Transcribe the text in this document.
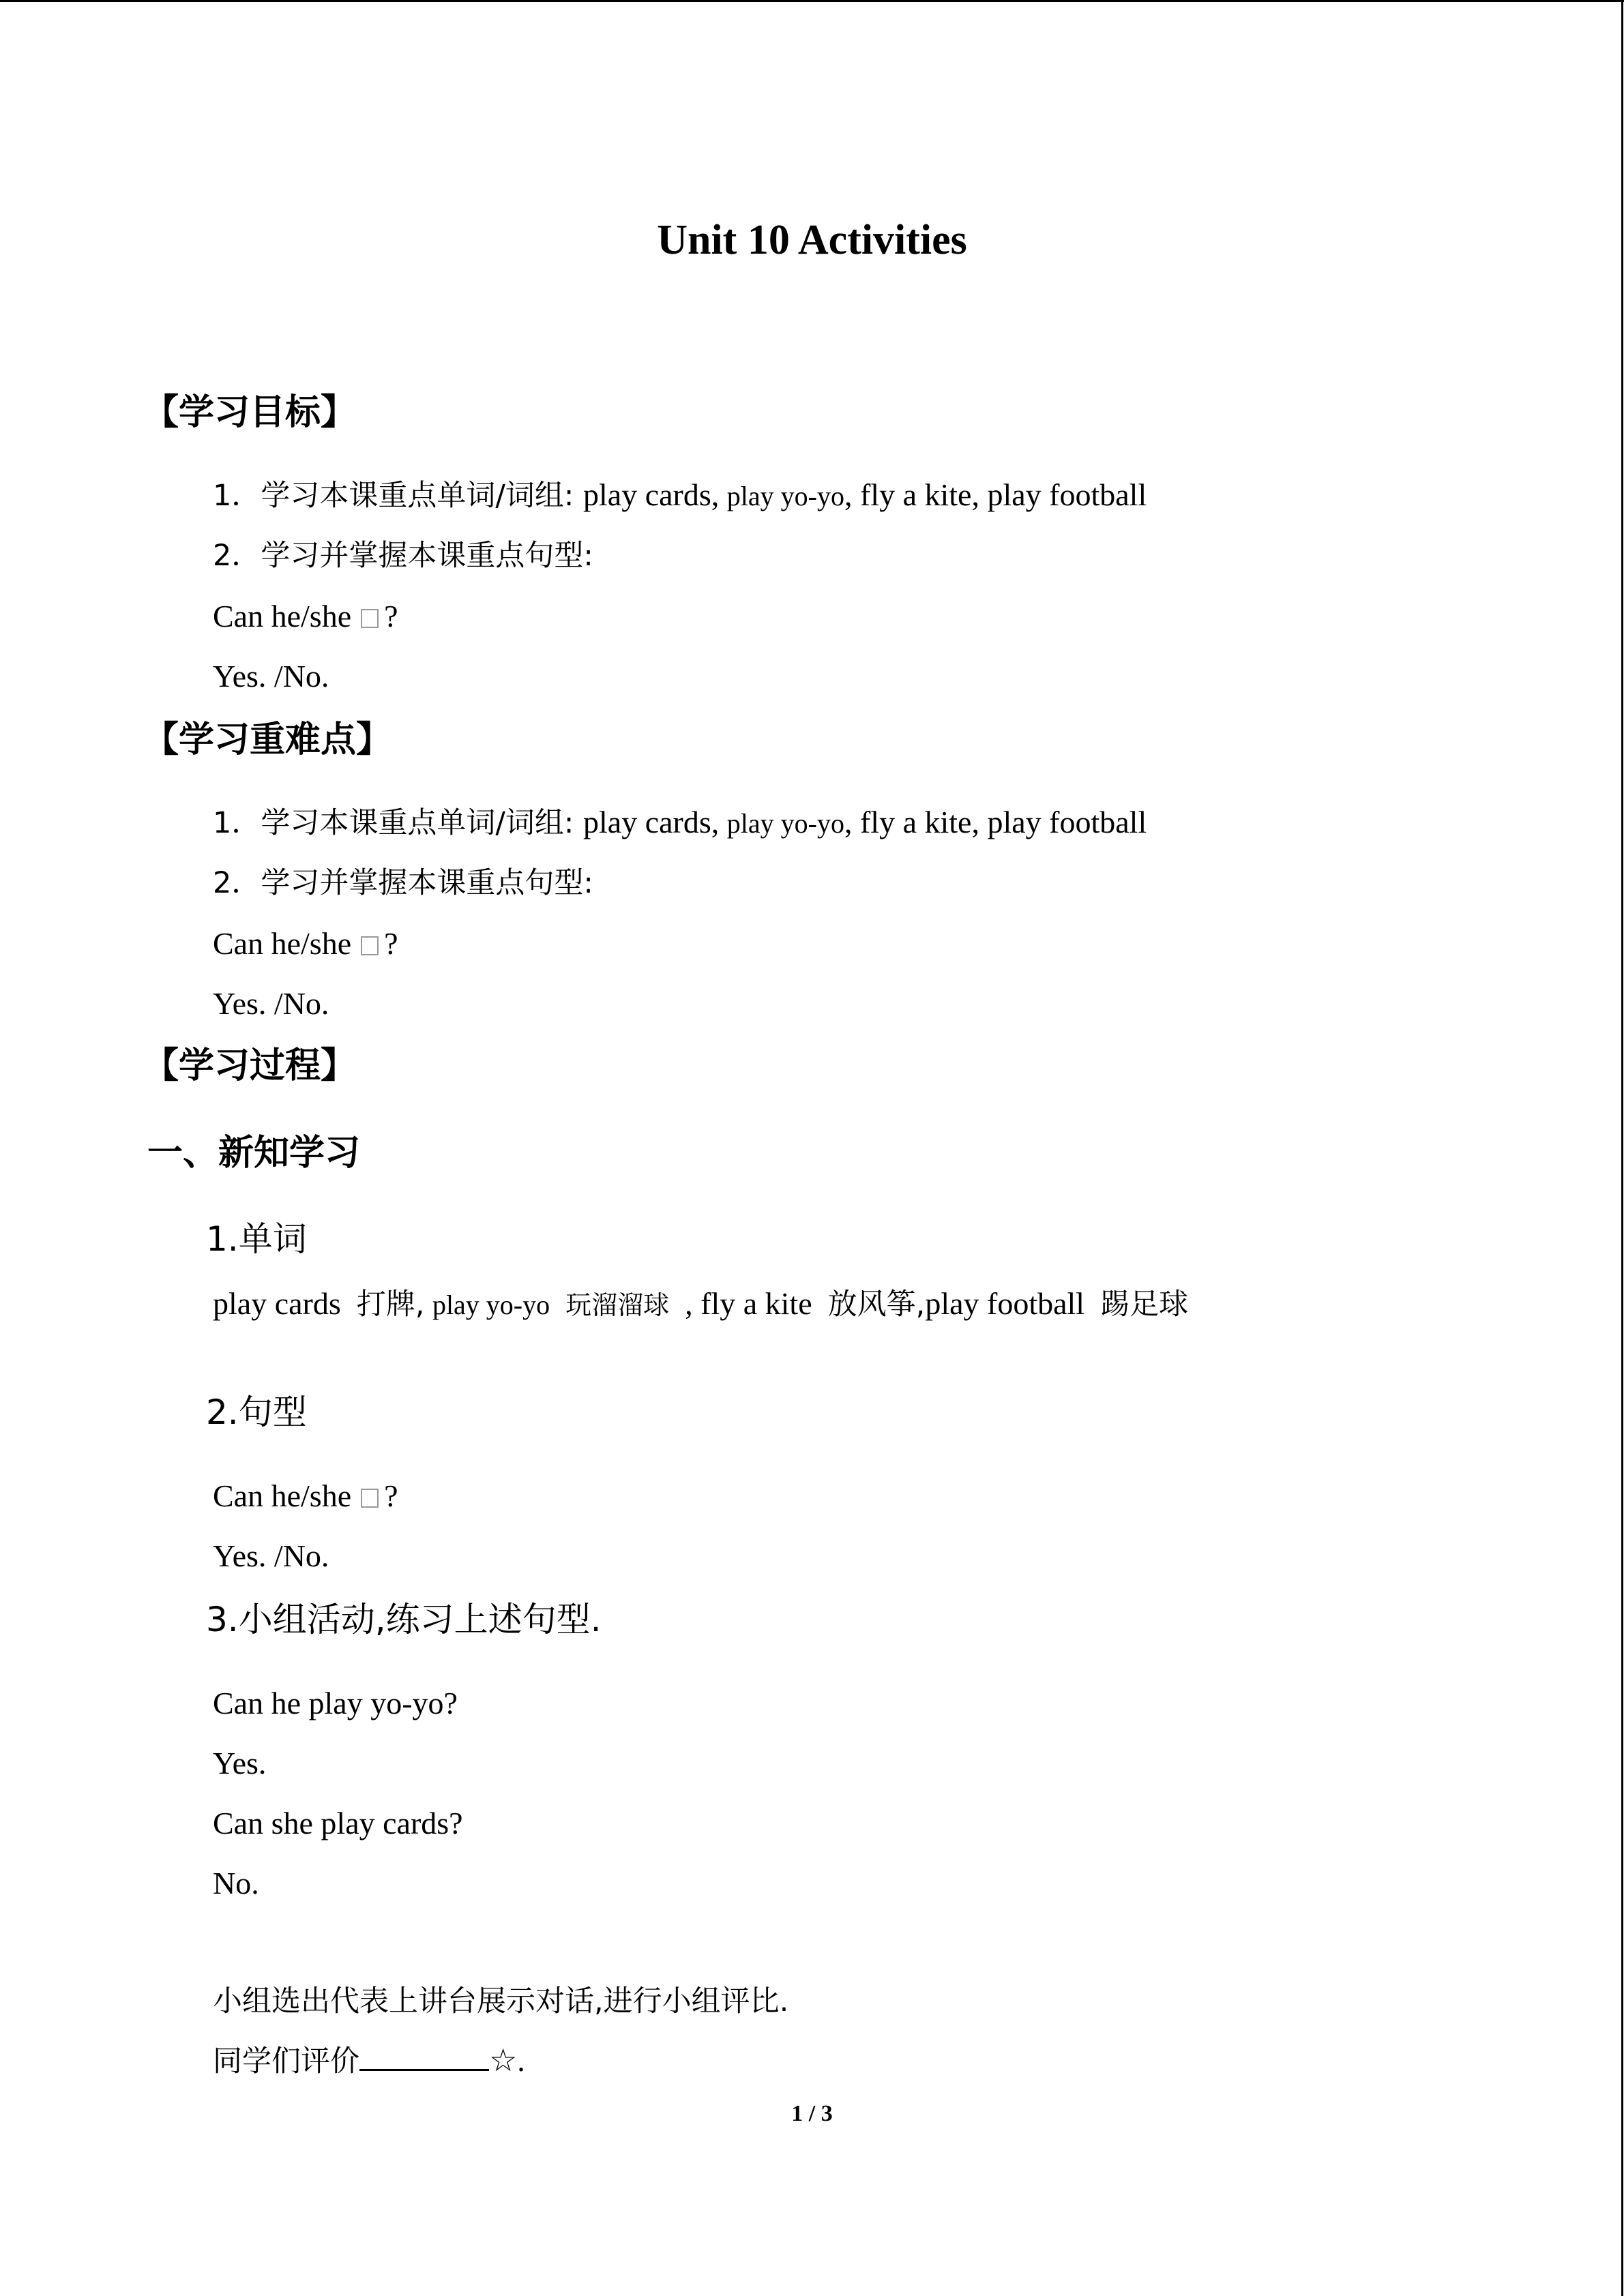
Unit 10 Activities
【学习目标】
1．学习本课重点单词/词组: play cards, play yo-yo, fly a kite, play football
2．学习并掌握本课重点句型:
Can he/she ?
Yes. /No.
【学习重难点】
1．学习本课重点单词/词组: play cards, play yo-yo, fly a kite, play football
2．学习并掌握本课重点句型:
Can he/she ?
Yes. /No.
【学习过程】
一、新知学习
1.单词
play cards 打牌, play yo-yo 玩溜溜球 , fly a kite 放风筝,play football 踢足球
2.句型
Can he/she ?
Yes. /No.
3.小组活动,练习上述句型.
Can he play yo-yo?
Yes.
Can she play cards?
No.
小组选出代表上讲台展示对话,进行小组评比.
同学们评价	☆.
1 / 3
